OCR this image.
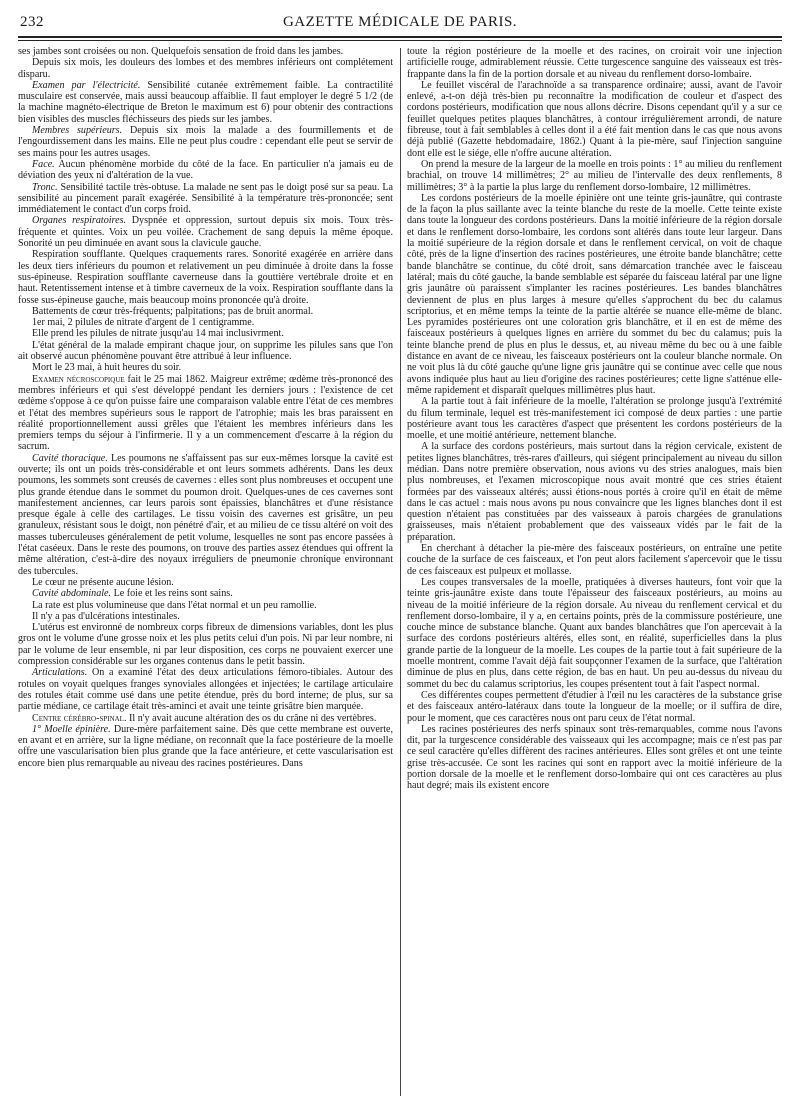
232	GAZETTE MÉDICALE DE PARIS.

ses jambes sont croisées ou non. Quelquefois sensation de froid dans les jambes.

Depuis six mois, les douleurs des lombes et des membres inférieurs ont complétement disparu.

Examen par l'électricité. Sensibilité cutanée extrêmement faible. La contractilité musculaire est conservée, mais aussi beaucoup affaiblie. Il faut employer le degré 5 1/2 (de la machine magnéto-électrique de Breton le maximum est 6) pour obtenir des contractions bien visibles des muscles fléchisseurs des pieds sur les jambes.

Membres supérieurs. Depuis six mois la malade a des fourmillements et de l'engourdissement dans les mains. Elle ne peut plus coudre : cependant elle peut se servir de ses mains pour les autres usages.

Face. Aucun phénomène morbide du côté de la face. En particulier n'a jamais eu de déviation des yeux ni d'altération de la vue.

Tronc. Sensibilité tactile très-obtuse. La malade ne sent pas le doigt posé sur sa peau. La sensibilité au pincement paraît exagérée. Sensibilité à la température très-prononcée; sent immédiatement le contact d'un corps froid.

Organes respiratoires. Dyspnée et oppression, surtout depuis six mois. Toux très-fréquente et quintes. Voix un peu voilée. Crachement de sang depuis la même époque. Sonorité un peu diminuée en avant sous la clavicule gauche.

Respiration soufflante. Quelques craquements rares. Sonorité exagérée en arrière dans les deux tiers inférieurs du poumon et relativement un peu diminuée à droite dans la fosse sus-épineuse. Respiration soufflante caverneuse dans la gouttière vertébrale droite et en haut. Retentissement intense et à timbre caverneux de la voix. Respiration soufflante dans la fosse sus-épineuse gauche, mais beaucoup moins prononcée qu'à droite.

Battements de cœur très-fréquents; palpitations; pas de bruit anormal.

1er mai, 2 pilules de nitrate d'argent de 1 centigramme.

Elle prend les pilules de nitrate jusqu'au 14 mai inclusivrment.

L'état général de la malade empirant chaque jour, on supprime les pilules sans que l'on ait observé aucun phénomène pouvant être attribué à leur influence.

Mort le 23 mai, à huit heures du soir.

Examen nécroscopique fait le 25 mai 1862. Maigreur extrême; œdème très-prononcé des membres inférieurs et qui s'est développé pendant les derniers jours : l'existence de cet œdème s'oppose à ce qu'on puisse faire une comparaison valable entre l'état de ces membres et l'état des membres supérieurs sous le rapport de l'atrophie; mais les bras paraissent en réalité proportionnellement aussi grêles que l'étaient les membres inférieurs dans les premiers temps du séjour à l'infirmerie. Il y a un commencement d'escarre à la région du sacrum.

Cavité thoracique. Les poumons ne s'affaissent pas sur eux-mêmes lorsque la cavité est ouverte; ils ont un poids très-considérable et ont leurs sommets adhérents. Dans les deux poumons, les sommets sont creusés de cavernes : elles sont plus nombreuses et occupent une plus grande étendue dans le sommet du poumon droit. Quelques-unes de ces cavernes sont manifestement anciennes, car leurs parois sont épaissies, blanchâtres et d'une résistance presque égale à celle des cartilages. Le tissu voisin des cavernes est grisâtre, un peu granuleux, résistant sous le doigt, non pénétré d'air, et au milieu de ce tissu altéré on voit des masses tuberculeuses généralement de petit volume, lesquelles ne sont pas encore passées à l'état caséeux. Dans le reste des poumons, on trouve des parties assez étendues qui offrent la même altération, c'est-à-dire des noyaux irréguliers de pneumonie chronique environnant des tubercules.

Le cœur ne présente aucune lésion.

Cavité abdominale. Le foie et les reins sont sains.

La rate est plus volumineuse que dans l'état normal et un peu ramollie.

Il n'y a pas d'ulcérations intestinales.

L'utérus est environné de nombreux corps fibreux de dimensions variables, dont les plus gros ont le volume d'une grosse noix et les plus petits celui d'un pois. Ni par leur nombre, ni par le volume de leur ensemble, ni par leur disposition, ces corps ne pouvaient exercer une compression considérable sur les organes contenus dans le petit bassin.

Articulations. On a examiné l'état des deux articulations fémoro-tibiales. Autour des rotules on voyait quelques franges synoviales allongées et injectées; le cartilage articulaire des rotules était comme usé dans une petite étendue, près du bord interne; de plus, sur sa partie médiane, ce cartilage était très-aminci et avait une teinte grisâtre bien marquée.

Centre cérébro-spinal. Il n'y avait aucune altération des os du crâne ni des vertèbres.

1° Moelle épinière. Dure-mère parfaitement saine. Dès que cette membrane est ouverte, en avant et en arrière, sur la ligne médiane, on reconnaît que la face postérieure de la moelle offre une vascularisation bien plus grande que la face antérieure, et cette vascularisation est encore bien plus remarquable au niveau des racines postérieures. Dans

toute la région postérieure de la moelle et des racines, on croirait voir une injection artificielle rouge, admirablement réussie. Cette turgescence sanguine des vaisseaux est très-frappante dans la fin de la portion dorsale et au niveau du renflement dorso-lombaire.

Le feuillet viscéral de l'arachnoïde a sa transparence ordinaire; aussi, avant de l'avoir enlevé, a-t-on déjà très-bien pu reconnaître la modification de couleur et d'aspect des cordons postérieurs, modification que nous allons décrire. Disons cependant qu'il y a sur ce feuillet quelques petites plaques blanchâtres, à contour irrégulièrement arrondi, de nature fibreuse, tout à fait semblables à celles dont il a été fait mention dans le cas que nous avons déjà publié (Gazette hebdomadaire, 1862.) Quant à la pie-mère, sauf l'injection sanguine dont elle est le siége, elle n'offre aucune altération.

On prend la mesure de la largeur de la moelle en trois points : 1° au milieu du renflement brachial, on trouve 14 millimètres; 2° au milieu de l'intervalle des deux renflements, 8 millimètres; 3° à la partie la plus large du renflement dorso-lombaire, 12 millimètres.

Les cordons postérieurs de la moelle épinière ont une teinte gris-jaunâtre, qui contraste de la façon la plus saillante avec la teinte blanche du reste de la moelle. Cette teinte existe dans toute la longueur des cordons postérieurs. Dans la moitié inférieure de la région dorsale et dans le renflement dorso-lombaire, les cordons sont altérés dans toute leur largeur. Dans la moitié supérieure de la région dorsale et dans le renflement cervical, on voit de chaque côté, près de la ligne d'insertion des racines postérieures, une étroite bande blanchâtre; cette bande blanchâtre se continue, du côté droit, sans démarcation tranchée avec le faisceau latéral; mais du côté gauche, la bande semblable est séparée du faisceau latéral par une ligne gris jaunâtre où paraissent s'implanter les racines postérieures. Les bandes blanchâtres deviennent de plus en plus larges à mesure qu'elles s'approchent du bec du calamus scriptorius, et en même temps la teinte de la partie altérée se nuance elle-même de blanc. Les pyramides postérieures ont une coloration gris blanchâtre, et il en est de même des faisceaux postérieurs à quelques lignes en arrière du sommet du bec du calamus; puis la teinte blanche prend de plus en plus le dessus, et, au niveau même du bec ou à une faible distance en avant de ce niveau, les faisceaux postérieurs ont la couleur blanche normale. On ne voit plus là du côté gauche qu'une ligne gris jaunâtre qui se continue avec celle que nous avons indiquée plus haut au lieu d'origine des racines postérieures; cette ligne s'atténue elle-même rapidement et disparaît quelques millimètres plus haut.

A la partie tout à fait inférieure de la moelle, l'altération se prolonge jusqu'à l'extrémité du filum terminale, lequel est très-manifestement ici composé de deux parties : une partie postérieure avant tous les caractères d'aspect que présentent les cordons postérieurs de la moelle, et une moitié antérieure, nettement blanche.

A la surface des cordons postérieurs, mais surtout dans la région cervicale, existent de petites lignes blanchâtres, très-rares d'ailleurs, qui siégent principalement au niveau du sillon médian. Dans notre première observation, nous avions vu des stries analogues, mais bien plus nombreuses, et l'examen microscopique nous avait montré que ces stries étaient formées par des vaisseaux altérés; aussi étions-nous portés à croire qu'il en était de même dans le cas actuel : mais nous avons pu nous convaincre que les lignes blanches dont il est question n'étaient pas constituées par des vaisseaux à parois chargées de granulations graisseuses, mais n'étaient probablement que des vaisseaux vidés par le fait de la préparation.

En cherchant à détacher la pie-mère des faisceaux postérieurs, on entraîne une petite couche de la surface de ces faisceaux, et l'on peut alors facilement s'apercevoir que le tissu de ces faisceaux est pulpeux et mollasse.

Les coupes transversales de la moelle, pratiquées à diverses hauteurs, font voir que la teinte gris-jaunâtre existe dans toute l'épaisseur des faisceaux postérieurs, au moins au niveau de la moitié inférieure de la région dorsale. Au niveau du renflement cervical et du renflement dorso-lombaire, il y a, en certains points, près de la commissure postérieure, une couche mince de substance blanche. Quant aux bandes blanchâtres que l'on apercevait à la surface des cordons postérieurs altérés, elles sont, en réalité, superficielles dans la plus grande partie de la longueur de la moelle. Les coupes de la partie tout à fait supérieure de la moelle montrent, comme l'avait déjà fait soupçonner l'examen de la surface, que l'altération diminue de plus en plus, dans cette région, de bas en haut. Un peu au-dessus du niveau du sommet du bec du calamus scriptorius, les coupes présentent tout à fait l'aspect normal.

Ces différentes coupes permettent d'étudier à l'œil nu les caractères de la substance grise et des faisceaux antéro-latéraux dans toute la longueur de la moelle; or il suffira de dire, pour le moment, que ces caractères nous ont paru ceux de l'état normal.

Les racines postérieures des nerfs spinaux sont très-remarquables, comme nous l'avons dit, par la turgescence considérable des vaisseaux qui les accompagne; mais ce n'est pas par ce seul caractère qu'elles diffèrent des racines antérieures. Elles sont grêles et ont une teinte grise très-accusée. Ce sont les racines qui sont en rapport avec la moitié inférieure de la portion dorsale de la moelle et le renflement dorso-lombaire qui ont ces caractères au plus haut degré; mais ils existent encore
